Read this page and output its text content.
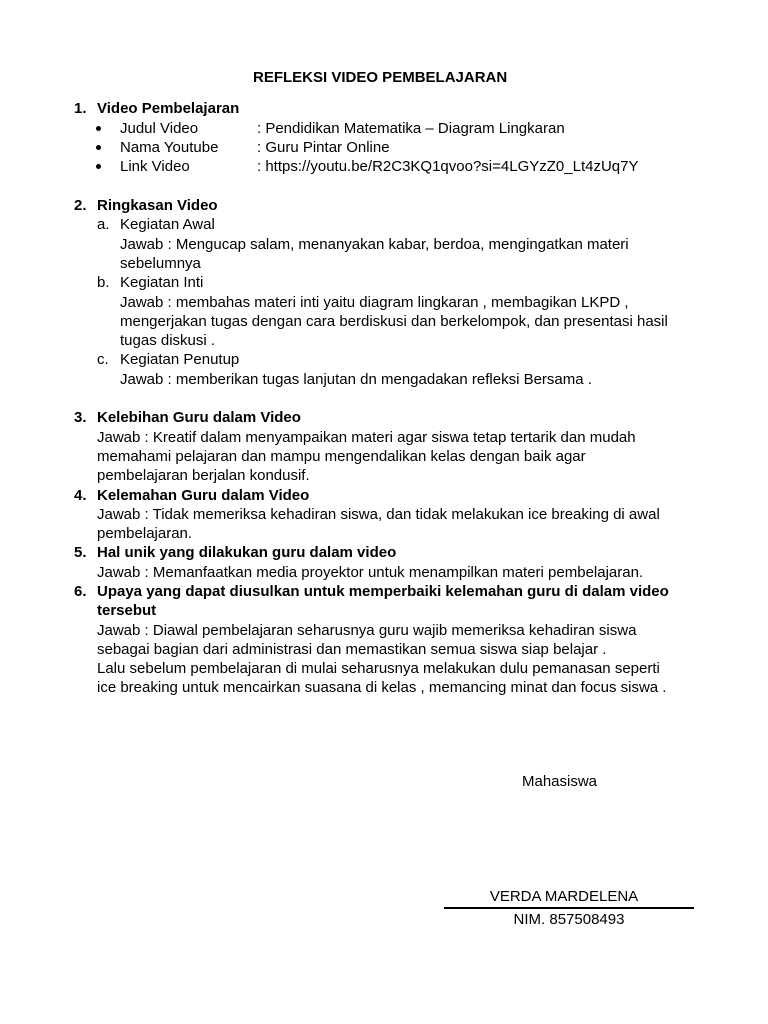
REFLEKSI VIDEO PEMBELAJARAN
1. Video Pembelajaran
Judul Video	: Pendidikan Matematika – Diagram Lingkaran
Nama Youtube	: Guru Pintar Online
Link Video	: https://youtu.be/R2C3KQ1qvoo?si=4LGYzZ0_Lt4zUq7Y
2. Ringkasan Video
a. Kegiatan Awal
Jawab : Mengucap salam, menanyakan kabar, berdoa, mengingatkan materi
sebelumnya
b. Kegiatan Inti
Jawab : membahas materi inti yaitu diagram lingkaran , membagikan LKPD ,
mengerjakan tugas dengan cara berdiskusi dan berkelompok, dan presentasi hasil
tugas diskusi .
c. Kegiatan Penutup
Jawab : memberikan tugas lanjutan dn mengadakan refleksi Bersama .
3. Kelebihan Guru dalam Video
Jawab : Kreatif dalam menyampaikan materi agar siswa tetap tertarik dan mudah
memahami pelajaran dan mampu mengendalikan kelas dengan baik agar
pembelajaran berjalan kondusif.
4. Kelemahan Guru dalam Video
Jawab : Tidak memeriksa kehadiran siswa, dan tidak melakukan ice breaking di awal
pembelajaran.
5. Hal unik yang dilakukan guru dalam video
Jawab : Memanfaatkan media proyektor untuk menampilkan materi pembelajaran.
6. Upaya yang dapat diusulkan untuk memperbaiki kelemahan guru di dalam video
tersebut
Jawab : Diawal pembelajaran seharusnya guru wajib memeriksa kehadiran siswa
sebagai bagian dari administrasi dan memastikan semua siswa siap belajar .
Lalu sebelum pembelajaran di mulai seharusnya melakukan dulu pemanasan seperti
ice breaking untuk mencairkan suasana di kelas , memancing minat dan focus siswa .
Mahasiswa
VERDA MARDELENA
NIM. 857508493
